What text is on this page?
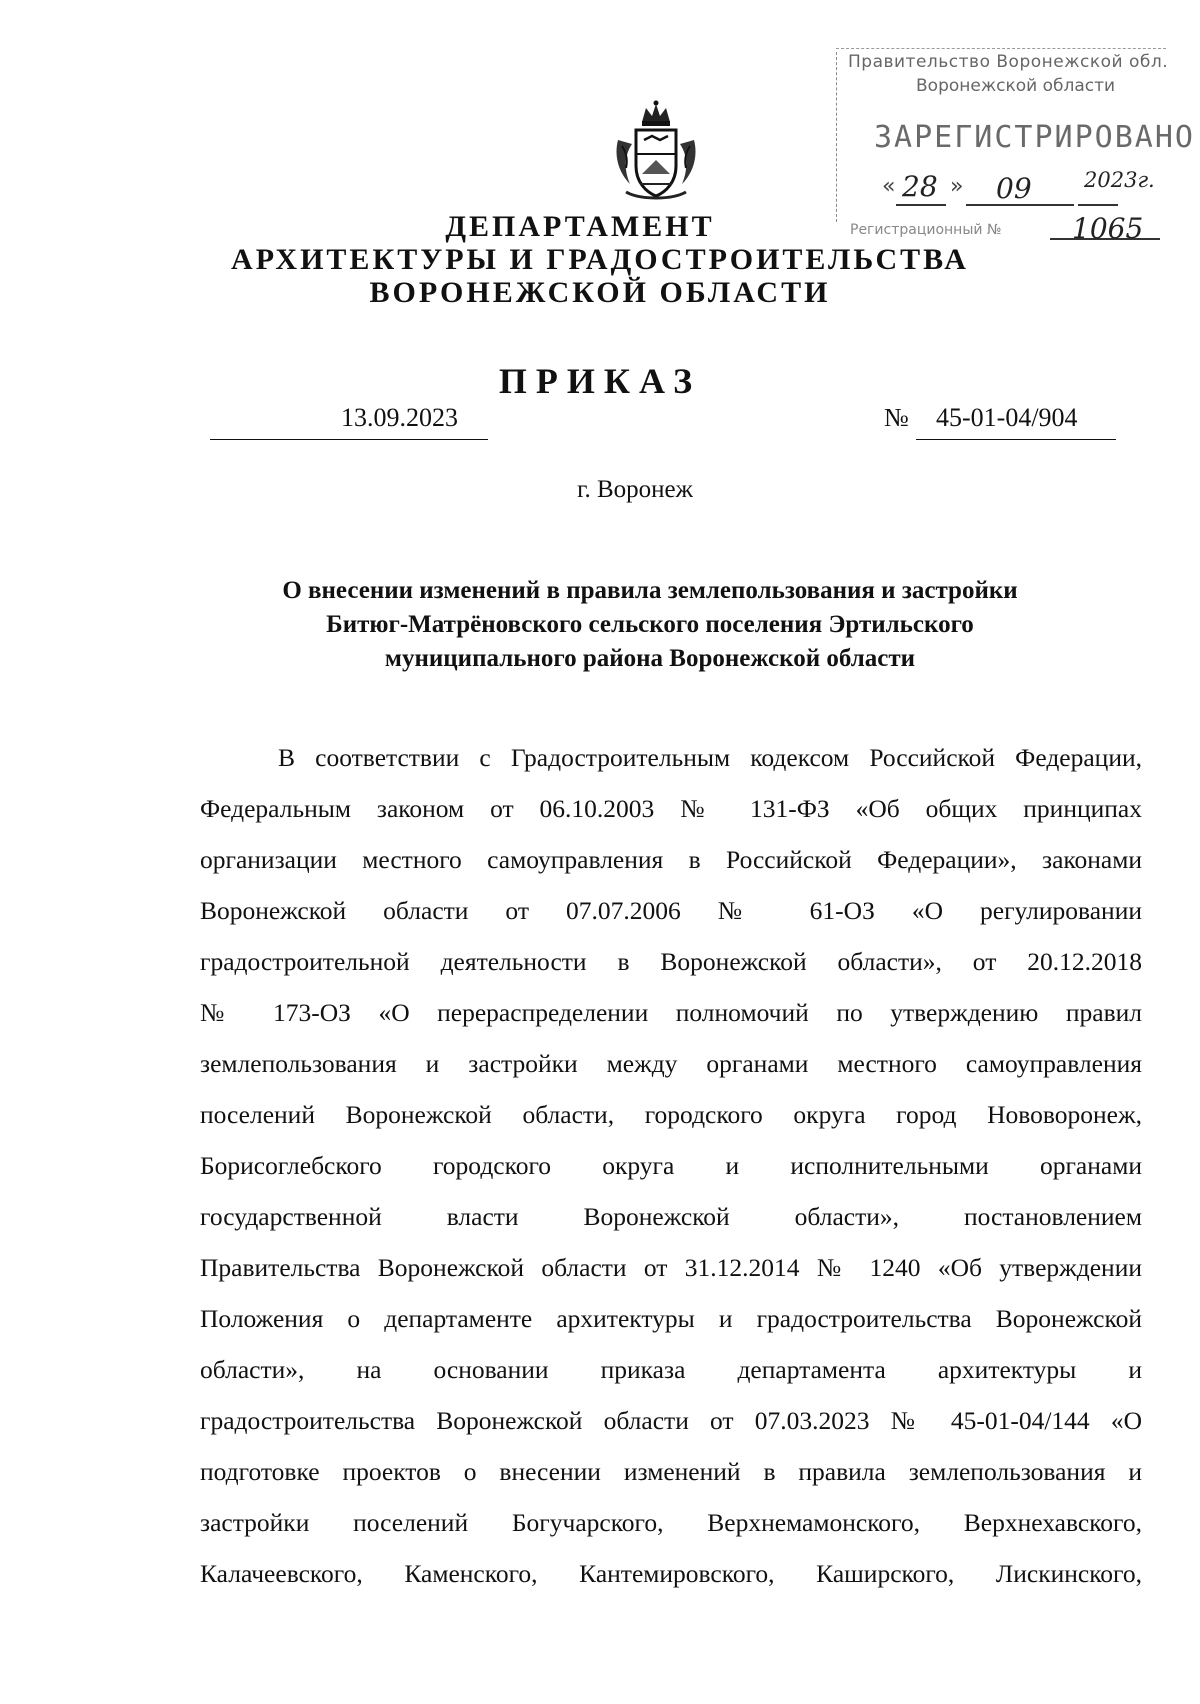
Правительство Воронежской обл.
Воронежской области
ЗАРЕГИСТРИРОВАНО
« 28 » 09 2023г.
Регистрационный №	1065
ДЕПАРТАМЕНТ
АРХИТЕКТУРЫ И ГРАДОСТРОИТЕЛЬСТВА
ВОРОНЕЖСКОЙ ОБЛАСТИ
ПРИКАЗ
13.09.2023	№ 45-01-04/904
г. Воронеж
О внесении изменений в правила землепользования и застройки
Битюг-Матрёновского сельского поселения Эртильского
муниципального района Воронежской области
В соответствии с Градостроительным кодексом Российской Федерации,
Федеральным законом от 06.10.2003 № 131-ФЗ «Об общих принципах
организации местного самоуправления в Российской Федерации», законами
Воронежской области от 07.07.2006 № 61-ОЗ «О регулировании
градостроительной деятельности в Воронежской области», от 20.12.2018
№ 173-ОЗ «О перераспределении полномочий по утверждению правил
землепользования и застройки между органами местного самоуправления
поселений Воронежской области, городского округа город Нововоронеж,
Борисоглебского городского округа и исполнительными органами
государственной власти Воронежской области», постановлением
Правительства Воронежской области от 31.12.2014 № 1240 «Об утверждении
Положения о департаменте архитектуры и градостроительства Воронежской
области», на основании приказа департамента архитектуры и
градостроительства Воронежской области от 07.03.2023 № 45-01-04/144 «О
подготовке проектов о внесении изменений в правила землепользования и
застройки поселений Богучарского, Верхнемамонского, Верхнехавского,
Калачеевского, Каменского, Кантемировского, Каширского, Лискинского,
